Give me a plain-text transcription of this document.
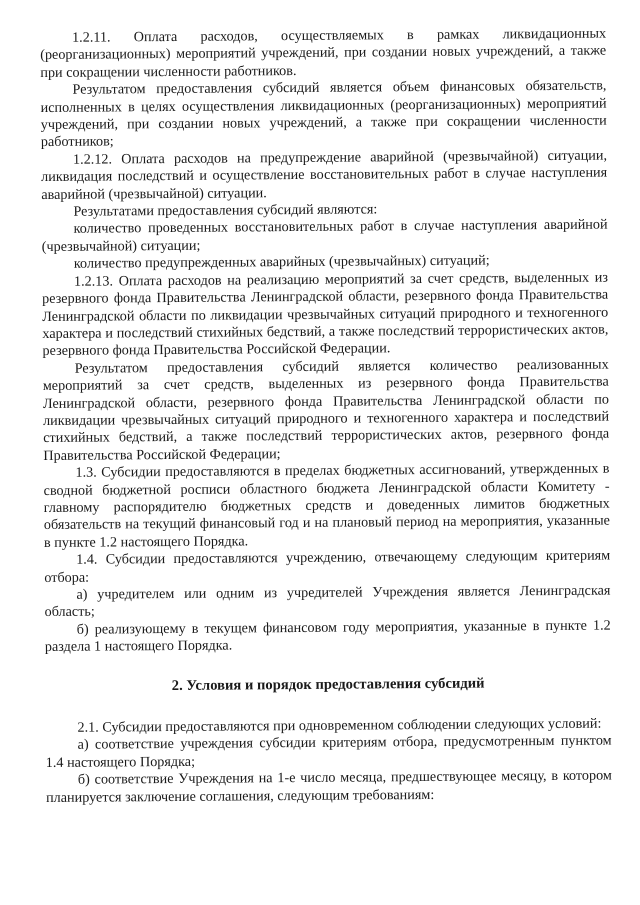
1.2.11. Оплата расходов, осуществляемых в рамках ликвидационных (реорганизационных) мероприятий учреждений, при создании новых учреждений, а также при сокращении численности работников.

Результатом предоставления субсидий является объем финансовых обязательств, исполненных в целях осуществления ликвидационных (реорганизационных) мероприятий учреждений, при создании новых учреждений, а также при сокращении численности работников;

1.2.12. Оплата расходов на предупреждение аварийной (чрезвычайной) ситуации, ликвидация последствий и осуществление восстановительных работ в случае наступления аварийной (чрезвычайной) ситуации.

Результатами предоставления субсидий являются:

количество проведенных восстановительных работ в случае наступления аварийной (чрезвычайной) ситуации;

количество предупрежденных аварийных (чрезвычайных) ситуаций;

1.2.13. Оплата расходов на реализацию мероприятий за счет средств, выделенных из резервного фонда Правительства Ленинградской области, резервного фонда Правительства Ленинградской области по ликвидации чрезвычайных ситуаций природного и техногенного характера и последствий стихийных бедствий, а также последствий террористических актов, резервного фонда Правительства Российской Федерации.

Результатом предоставления субсидий является количество реализованных мероприятий за счет средств, выделенных из резервного фонда Правительства Ленинградской области, резервного фонда Правительства Ленинградской области по ликвидации чрезвычайных ситуаций природного и техногенного характера и последствий стихийных бедствий, а также последствий террористических актов, резервного фонда Правительства Российской Федерации;

1.3. Субсидии предоставляются в пределах бюджетных ассигнований, утвержденных в сводной бюджетной росписи областного бюджета Ленинградской области Комитету - главному распорядителю бюджетных средств и доведенных лимитов бюджетных обязательств на текущий финансовый год и на плановый период на мероприятия, указанные в пункте 1.2 настоящего Порядка.

1.4. Субсидии предоставляются учреждению, отвечающему следующим критериям отбора:

а) учредителем или одним из учредителей Учреждения является Ленинградская область;

б) реализующему в текущем финансовом году мероприятия, указанные в пункте 1.2 раздела 1 настоящего Порядка.

2. Условия и порядок предоставления субсидий

2.1. Субсидии предоставляются при одновременном соблюдении следующих условий:

а) соответствие учреждения субсидии критериям отбора, предусмотренным пунктом 1.4 настоящего Порядка;

б) соответствие Учреждения на 1-е число месяца, предшествующее месяцу, в котором планируется заключение соглашения, следующим требованиям:
